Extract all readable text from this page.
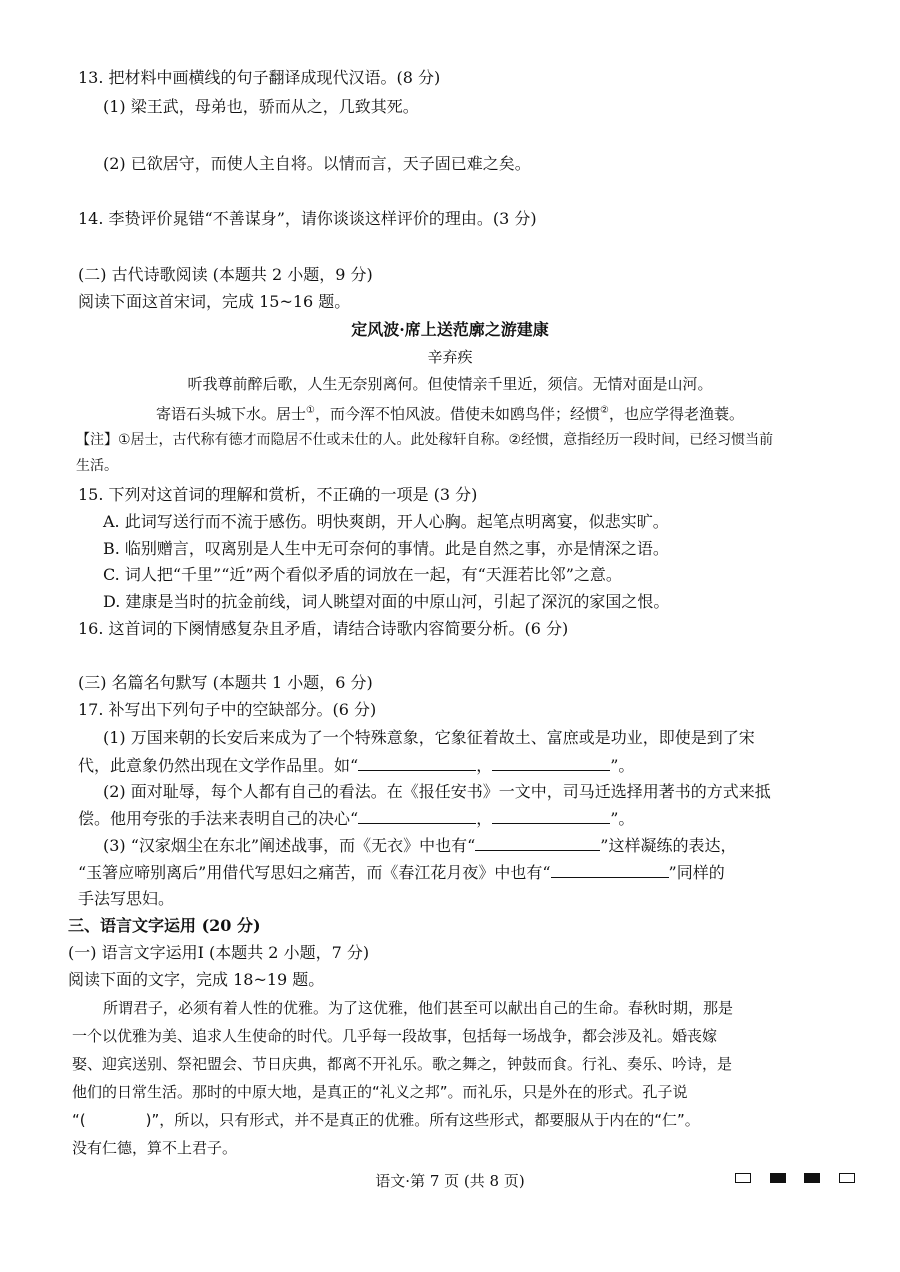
13. 把材料中画横线的句子翻译成现代汉语。(8 分)
(1) 梁王武，母弟也，骄而从之，几致其死。
(2) 已欲居守，而使人主自将。以情而言，天子固已难之矣。
14. 李贽评价晁错“不善谋身”，请你谈谈这样评价的理由。(3 分)
(二) 古代诗歌阅读 (本题共 2 小题，9 分)
阅读下面这首宋词，完成 15~16 题。
定风波·席上送范廓之游建康
辛弃疾
听我尊前醉后歌，人生无奈别离何。但使情亲千里近，须信。无情对面是山河。
寄语石头城下水。居士①，而今浑不怕风波。借使未如鸥鸟伴；经惯②，也应学得老渔蓑。
【注】①居士，古代称有德才而隐居不仕或未仕的人。此处稼轩自称。②经惯，意指经历一段时间，已经习惯当前
生活。
15. 下列对这首词的理解和赏析，不正确的一项是 (3 分)
A. 此词写送行而不流于感伤。明快爽朗，开人心胸。起笔点明离宴，似悲实旷。
B. 临别赠言，叹离别是人生中无可奈何的事情。此是自然之事，亦是情深之语。
C. 词人把“千里”“近”两个看似矛盾的词放在一起，有“天涯若比邻”之意。
D. 建康是当时的抗金前线，词人眺望对面的中原山河，引起了深沉的家国之恨。
16. 这首词的下阕情感复杂且矛盾，请结合诗歌内容简要分析。(6 分)
(三) 名篇名句默写 (本题共 1 小题，6 分)
17. 补写出下列句子中的空缺部分。(6 分)
(1) 万国来朝的长安后来成为了一个特殊意象，它象征着故土、富庶或是功业，即使是到了宋
代，此意象仍然出现在文学作品里。如“	，	”。
(2) 面对耻辱，每个人都有自己的看法。在《报任安书》一文中，司马迁选择用著书的方式来抵
偿。他用夸张的手法来表明自己的决心“	，	”。
(3) “汉家烟尘在东北”阐述战事，而《无衣》中也有“	”这样凝练的表达，
“玉箸应啼别离后”用借代写思妇之痛苦，而《春江花月夜》中也有“	”同样的
手法写思妇。
三、语言文字运用 (20 分)
(一) 语言文字运用Ⅰ (本题共 2 小题，7 分)
阅读下面的文字，完成 18~19 题。
所谓君子，必须有着人性的优雅。为了这优雅，他们甚至可以献出自己的生命。春秋时期，那是
一个以优雅为美、追求人生使命的时代。几乎每一段故事，包括每一场战争，都会涉及礼。婚丧嫁
娶、迎宾送别、祭祀盟会、节日庆典，都离不开礼乐。歌之舞之，钟鼓而食。行礼、奏乐、吟诗，是
他们的日常生活。那时的中原大地，是真正的“礼义之邦”。而礼乐，只是外在的形式。孔子说
“(　　　　)”，所以，只有形式，并不是真正的优雅。所有这些形式，都要服从于内在的“仁”。
没有仁德，算不上君子。
语文·第 7 页 (共 8 页)
